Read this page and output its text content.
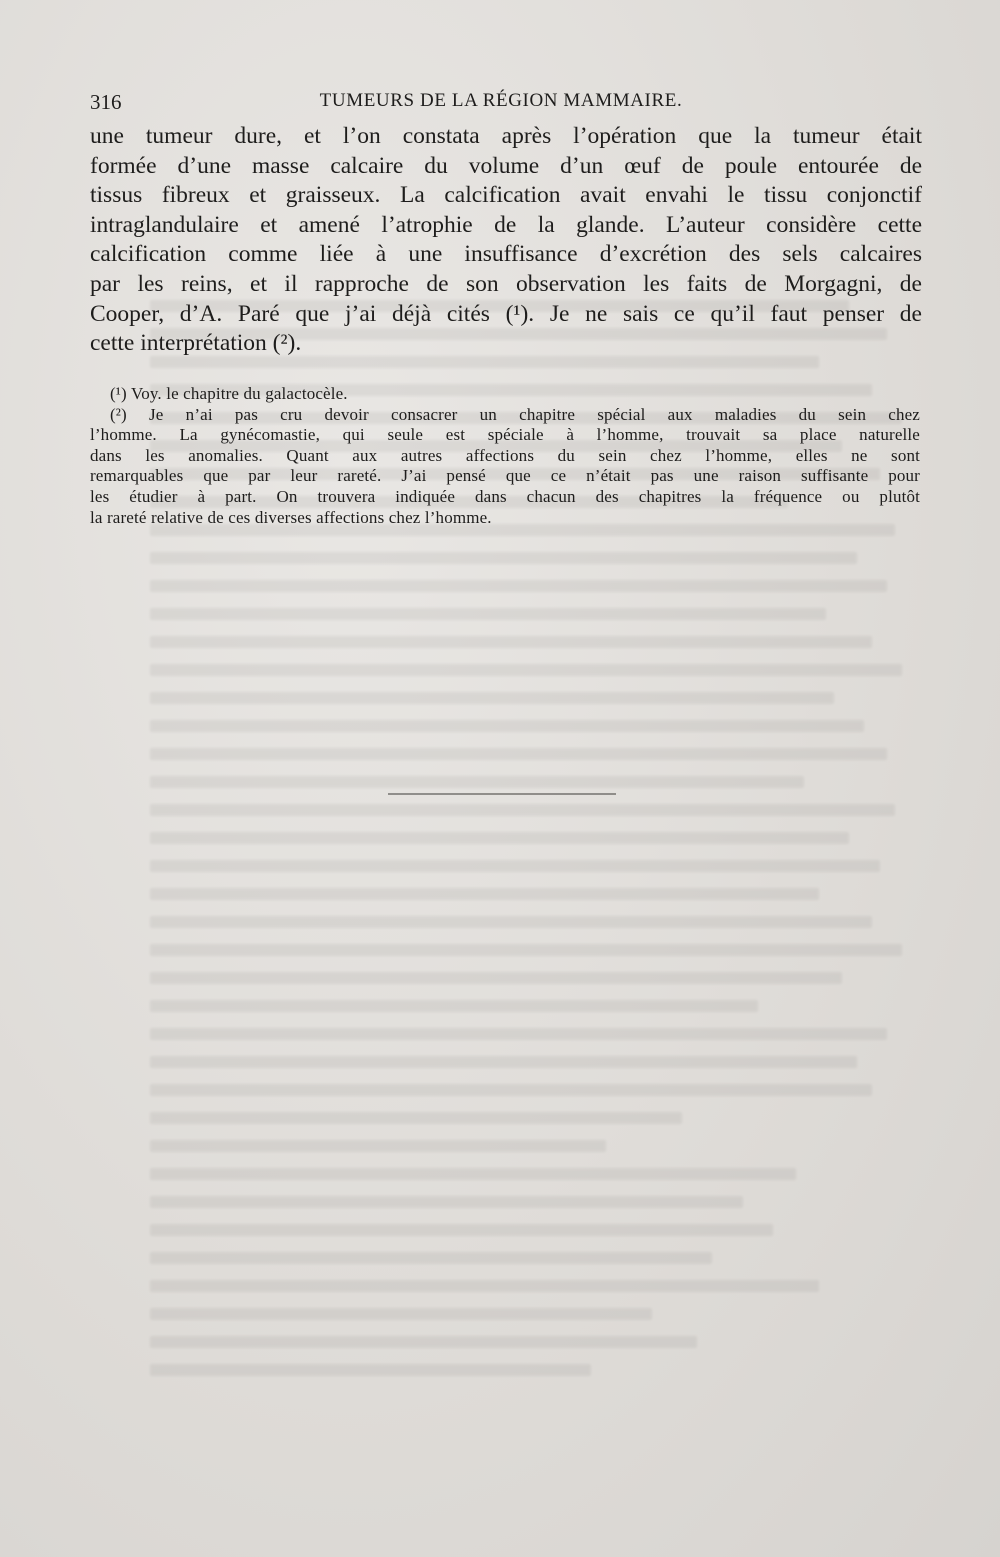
316	TUMEURS DE LA RÉGION MAMMAIRE.
une tumeur dure, et l’on constata après l’opération que la tumeur était
formée d’une masse calcaire du volume d’un œuf de poule entourée de
tissus fibreux et graisseux. La calcification avait envahi le tissu conjonctif
intraglandulaire et amené l’atrophie de la glande. L’auteur considère cette
calcification comme liée à une insuffisance d’excrétion des sels calcaires
par les reins, et il rapproche de son observation les faits de Morgagni, de
Cooper, d’A. Paré que j’ai déjà cités (¹). Je ne sais ce qu’il faut penser de
cette interprétation (²).
(¹) Voy. le chapitre du galactocèle.
(²) Je n’ai pas cru devoir consacrer un chapitre spécial aux maladies du sein chez
l’homme. La gynécomastie, qui seule est spéciale à l’homme, trouvait sa place naturelle
dans les anomalies. Quant aux autres affections du sein chez l’homme, elles ne sont
remarquables que par leur rareté. J’ai pensé que ce n’était pas une raison suffisante pour
les étudier à part. On trouvera indiquée dans chacun des chapitres la fréquence ou plutôt
la rareté relative de ces diverses affections chez l’homme.
